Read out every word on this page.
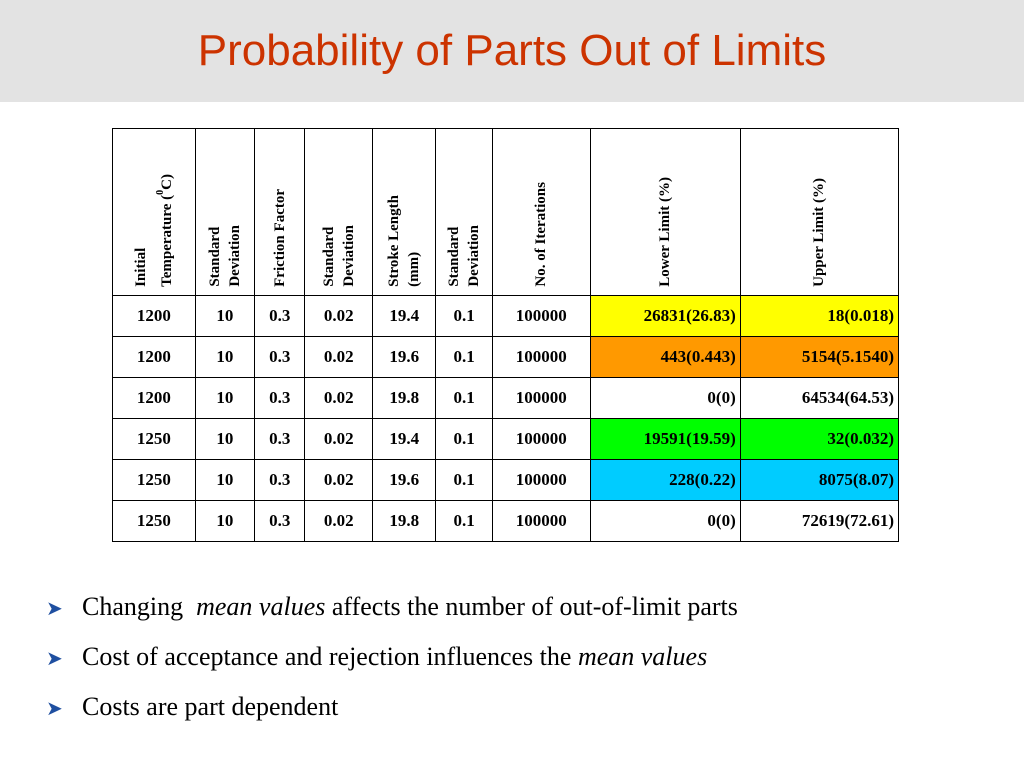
Probability of Parts Out of Limits
Initial Temperature ($^0$C)	Standard Deviation	Friction Factor	Standard Deviation	Stroke Length (mm)	Standard Deviation	No. of Iterations	Lower Limit (%)	Upper Limit (%)

1200	10	0.3	0.02	19.4	0.1	100000	26831(26.83)	18(0.018)
1200	10	0.3	0.02	19.6	0.1	100000	443(0.443)	5154(5.1540)
1200	10	0.3	0.02	19.8	0.1	100000	0(0)	64534(64.53)
1250	10	0.3	0.02	19.4	0.1	100000	19591(19.59)	32(0.032)
1250	10	0.3	0.02	19.6	0.1	100000	228(0.22)	8075(8.07)
1250	10	0.3	0.02	19.8	0.1	100000	0(0)	72619(72.61)
➤ Changing mean values affects the number of out-of-limit parts
➤ Cost of acceptance and rejection influences the mean values
➤ Costs are part dependent
